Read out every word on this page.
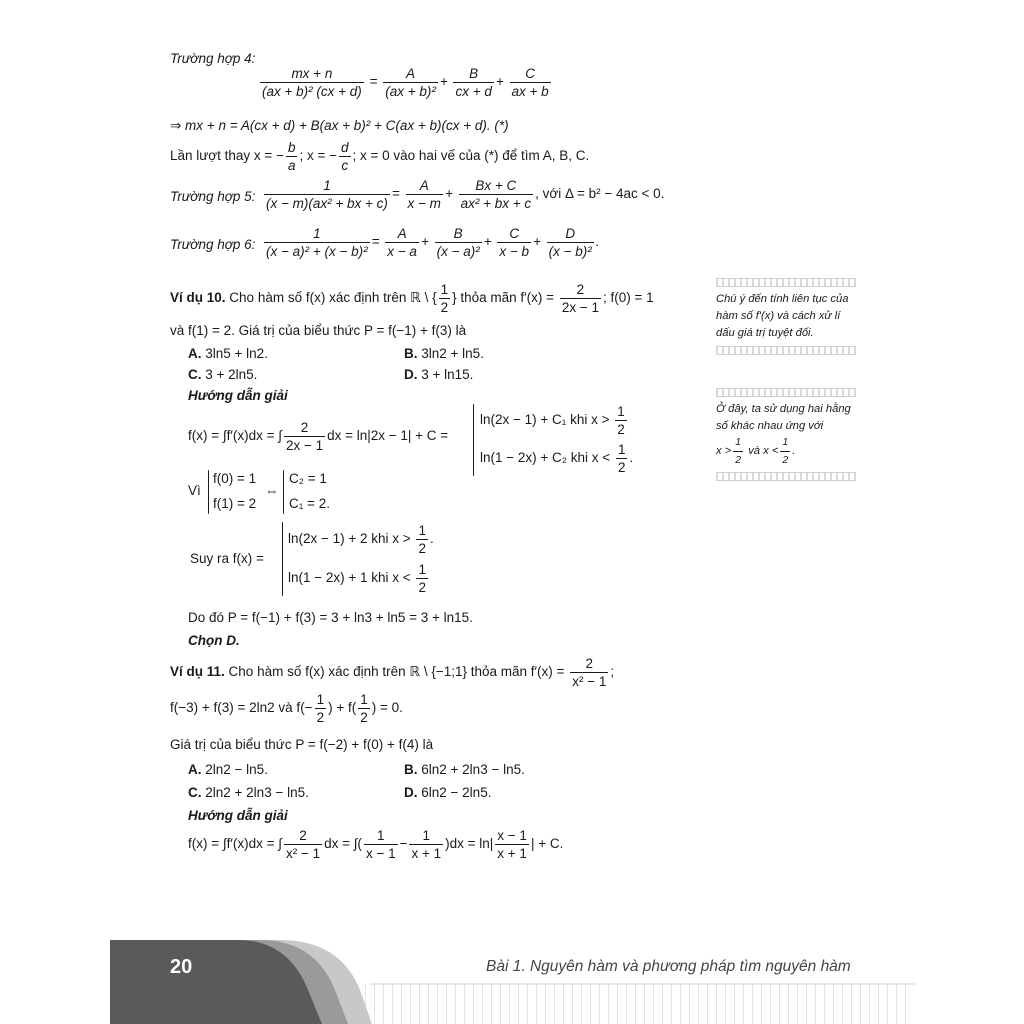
Trường hợp 4:
$\frac{mx + n}{\text{(ax + b)² (cx + d)}} = \frac{A}{\text{(ax + b)²}} + \frac{B}{cx + d} + \frac{C}{ax + b}$
⇒ mx + n = A(cx + d) + B(ax + b)² + C(ax + b)(cx + d). (*)
Lần lượt thay x = − $\frac{b}{a}$ ; x = − $\frac{d}{c}$ ; x = 0 vào hai vế của (*) để tìm A, B, C.
Trường hợp 5: $\frac{1}{\text{(x − m)(ax² + bx + c)}} = \frac{A}{x - m} + \frac{Bx + C}{\text{ax² + bx + c}}$ , với Δ = b² − 4ac < 0.
Trường hợp 6: $\frac{1}{\text{(x − a)² + (x − b)²}} = \frac{A}{x - a} + \frac{B}{\text{(x − a)²}} + \frac{C}{x - b} + \frac{D}{\text{(x − b)²}}$ .
Ví dụ 10. Cho hàm số f(x) xác định trên ℝ \ { $\frac{1}{2}$ } thỏa mãn $f'(x) = \frac{2}{2x - 1}$ ; f(0) = 1
và f(1) = 2. Giá trị của biểu thức P = f(−1) + f(3) là
A. 3ln5 + ln2.	B. 3ln2 + ln5.
C. 3 + 2ln5.	D. 3 + ln15.
Hướng dẫn giải
f(x) = ∫f′(x)dx = ∫ $\frac{2}{2x - 1}$ dx = ln|2x − 1| + C =
ln(2x − 1) + C₁ khi $x > \frac{1}{2}$
ln(1 − 2x) + C₂ khi $x < \frac{1}{2}$ .
Vì
f(0) = 1
f(1) = 2
⇔
C₂ = 1
C₁ = 2.
Suy ra f(x) =
ln(2x − 1) + 2 khi $x > \frac{1}{2}$ .
ln(1 − 2x) + 1 khi $x < \frac{1}{2}$
Do đó P = f(−1) + f(3) = 3 + ln3 + ln5 = 3 + ln15.
Chọn D.
Ví dụ 11. Cho hàm số f(x) xác định trên ℝ \ {−1;1} thỏa mãn $f'(x) = \frac{2}{\text{x² − 1}}$ ;
f(−3) + f(3) = 2ln2 và $f(- \frac{1}{2}$ ) + $f( \frac{1}{2}$ ) = 0.
Giá trị của biểu thức P = f(−2) + f(0) + f(4) là
A. 2ln2 − ln5.	B. 6ln2 + 2ln3 − ln5.
C. 2ln2 + 2ln3 − ln5.	D. 6ln2 − 2ln5.
Hướng dẫn giải
f(x) = ∫f′(x)dx = ∫ $\frac{2}{\text{x² − 1}}$ dx = ∫( $\frac{1}{x - 1} - \frac{1}{x + 1} )dx = \ln| \frac{x - 1}{x + 1}$ | + C.
Chú ý đến tính liên tục của hàm số f′(x) và cách xử lí dấu giá trị tuyệt đối.
Ở đây, ta sử dụng hai hằng số khác nhau ứng với $x > \frac{1}{2}$ và $x < \frac{1}{2}$ .
20	Bài 1. Nguyên hàm và phương pháp tìm nguyên hàm
